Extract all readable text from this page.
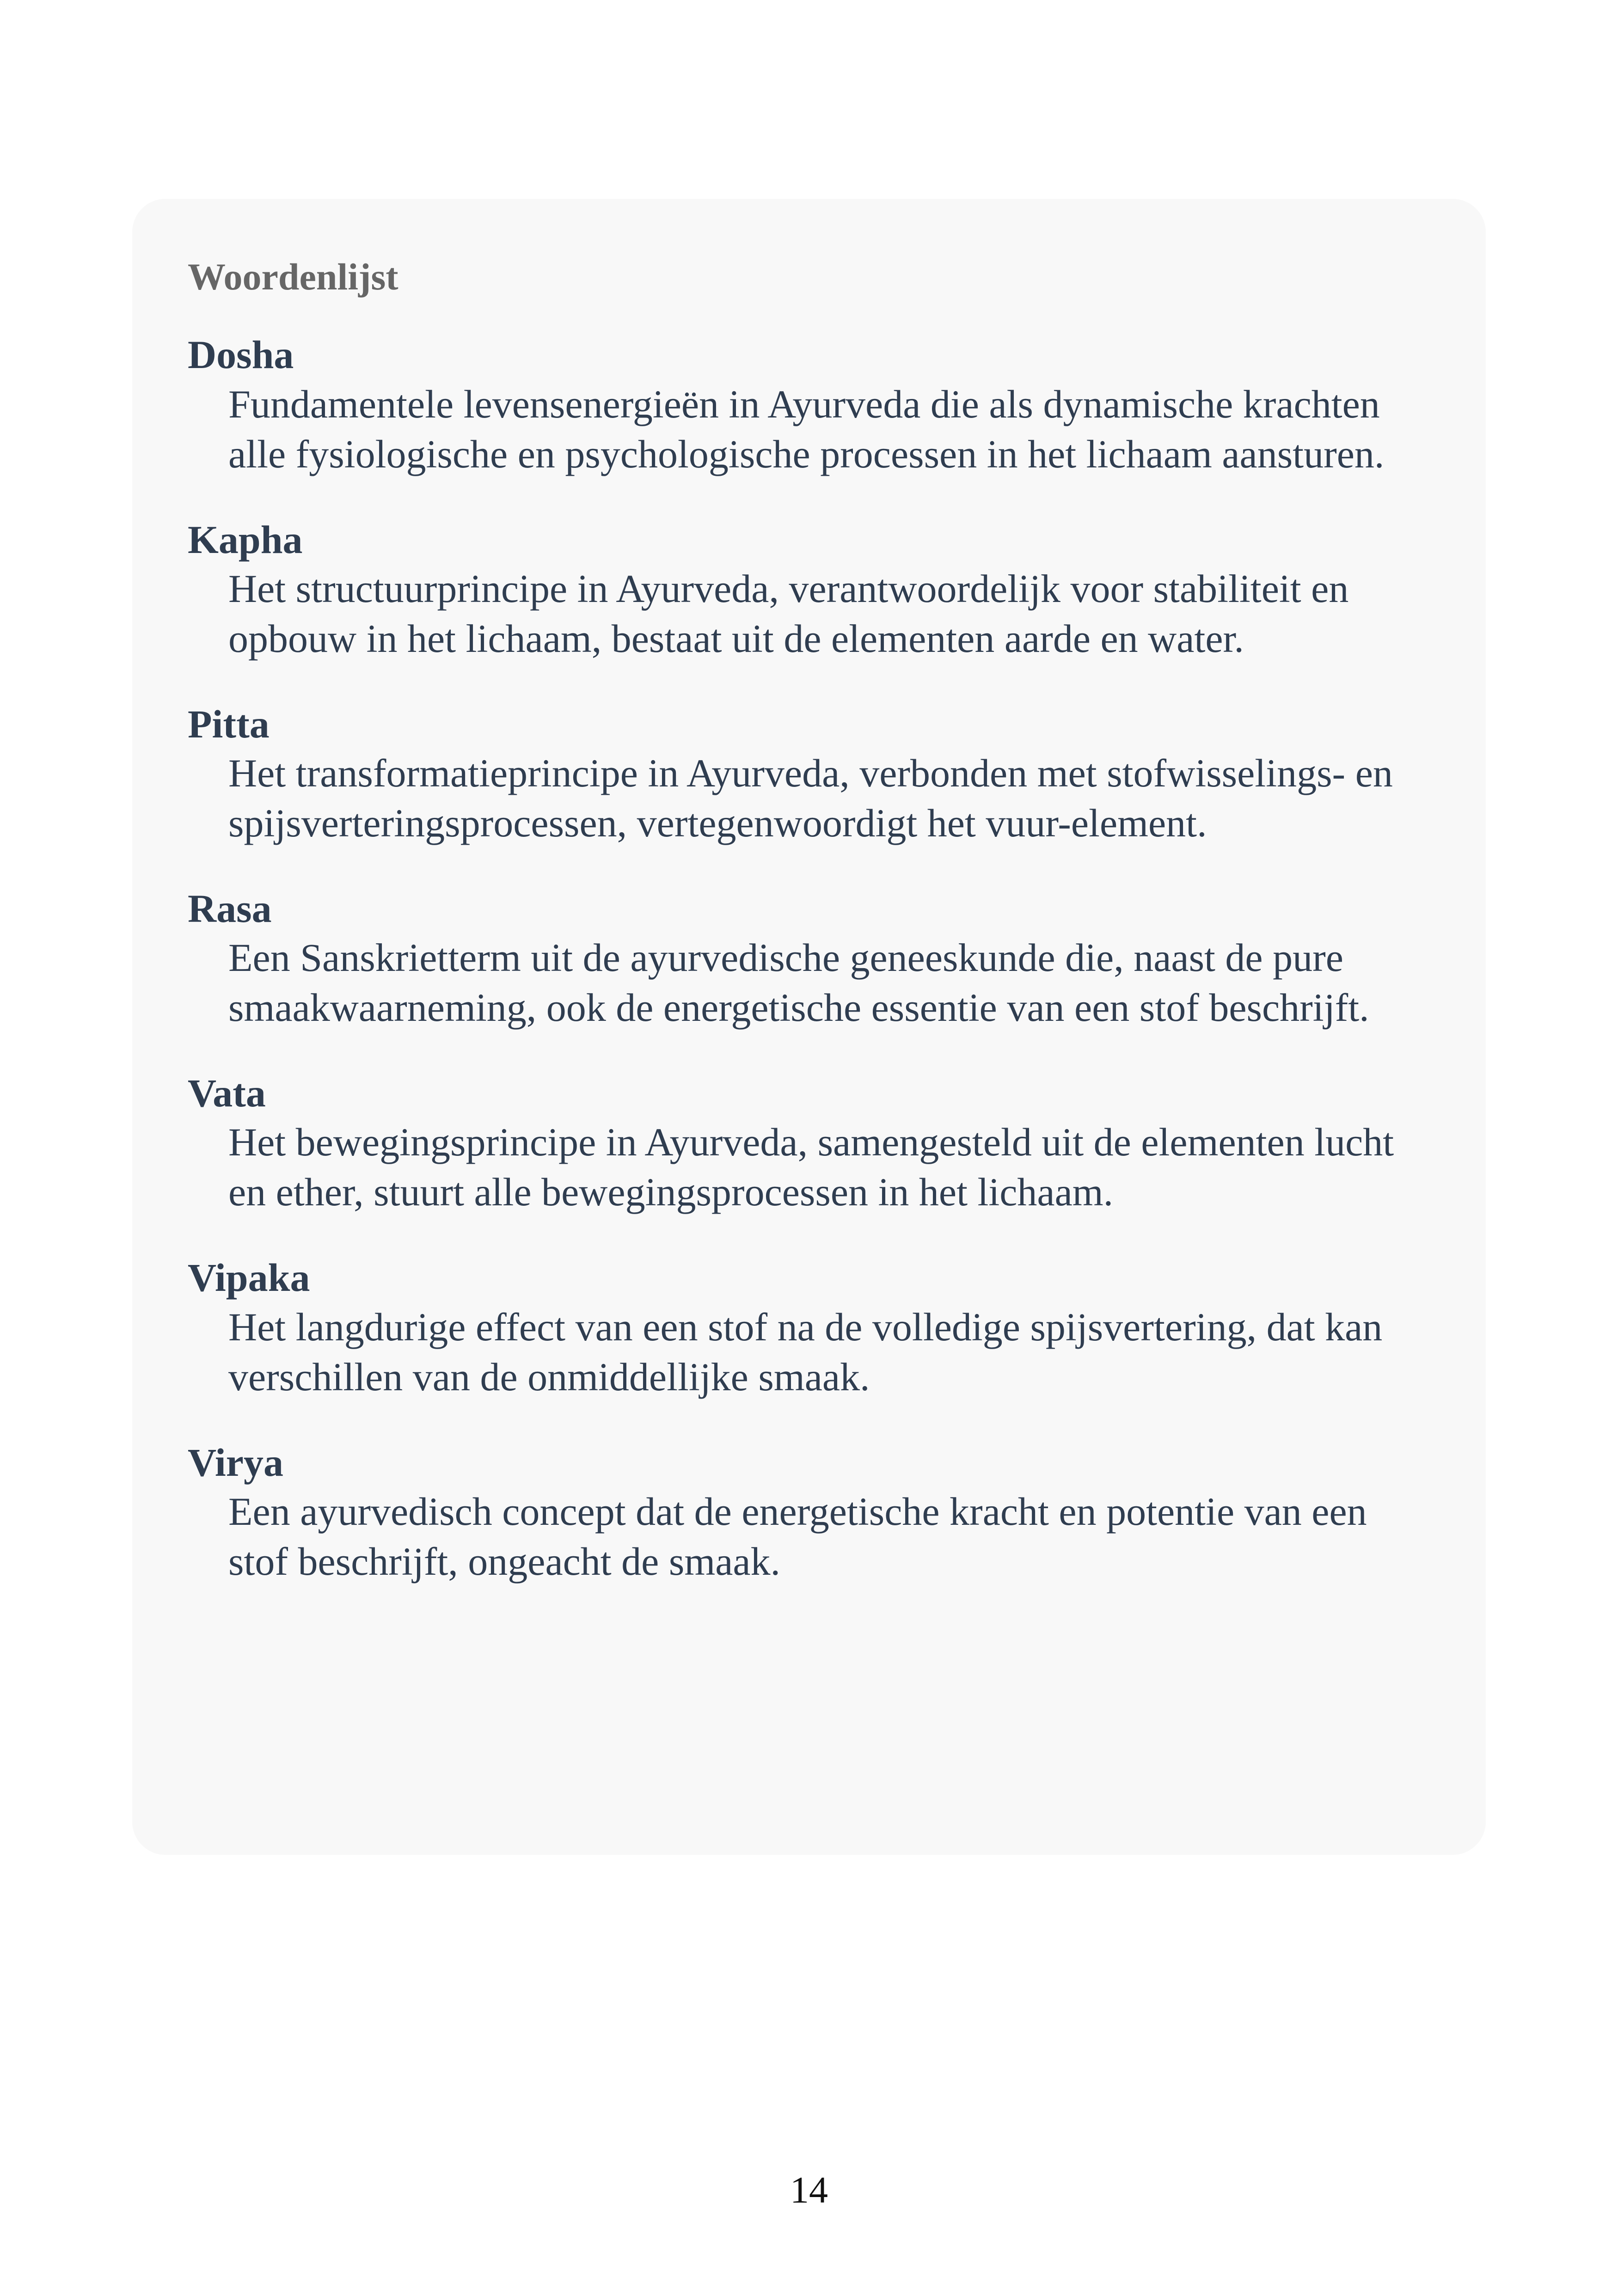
Woordenlijst
Dosha
Fundamentele levensenergieën in Ayurveda die als dynamische krachten alle fysiologische en psychologische processen in het lichaam aansturen.
Kapha
Het structuurprincipe in Ayurveda, verantwoordelijk voor stabiliteit en opbouw in het lichaam, bestaat uit de elementen aarde en water.
Pitta
Het transformatieprincipe in Ayurveda, verbonden met stofwisselings- en spijsverteringsprocessen, vertegenwoordigt het vuur-element.
Rasa
Een Sanskrietterm uit de ayurvedische geneeskunde die, naast de pure smaakwaarneming, ook de energetische essentie van een stof beschrijft.
Vata
Het bewegingsprincipe in Ayurveda, samengesteld uit de elementen lucht en ether, stuurt alle bewegingsprocessen in het lichaam.
Vipaka
Het langdurige effect van een stof na de volledige spijsvertering, dat kan verschillen van de onmiddellijke smaak.
Virya
Een ayurvedisch concept dat de energetische kracht en potentie van een stof beschrijft, ongeacht de smaak.
14
